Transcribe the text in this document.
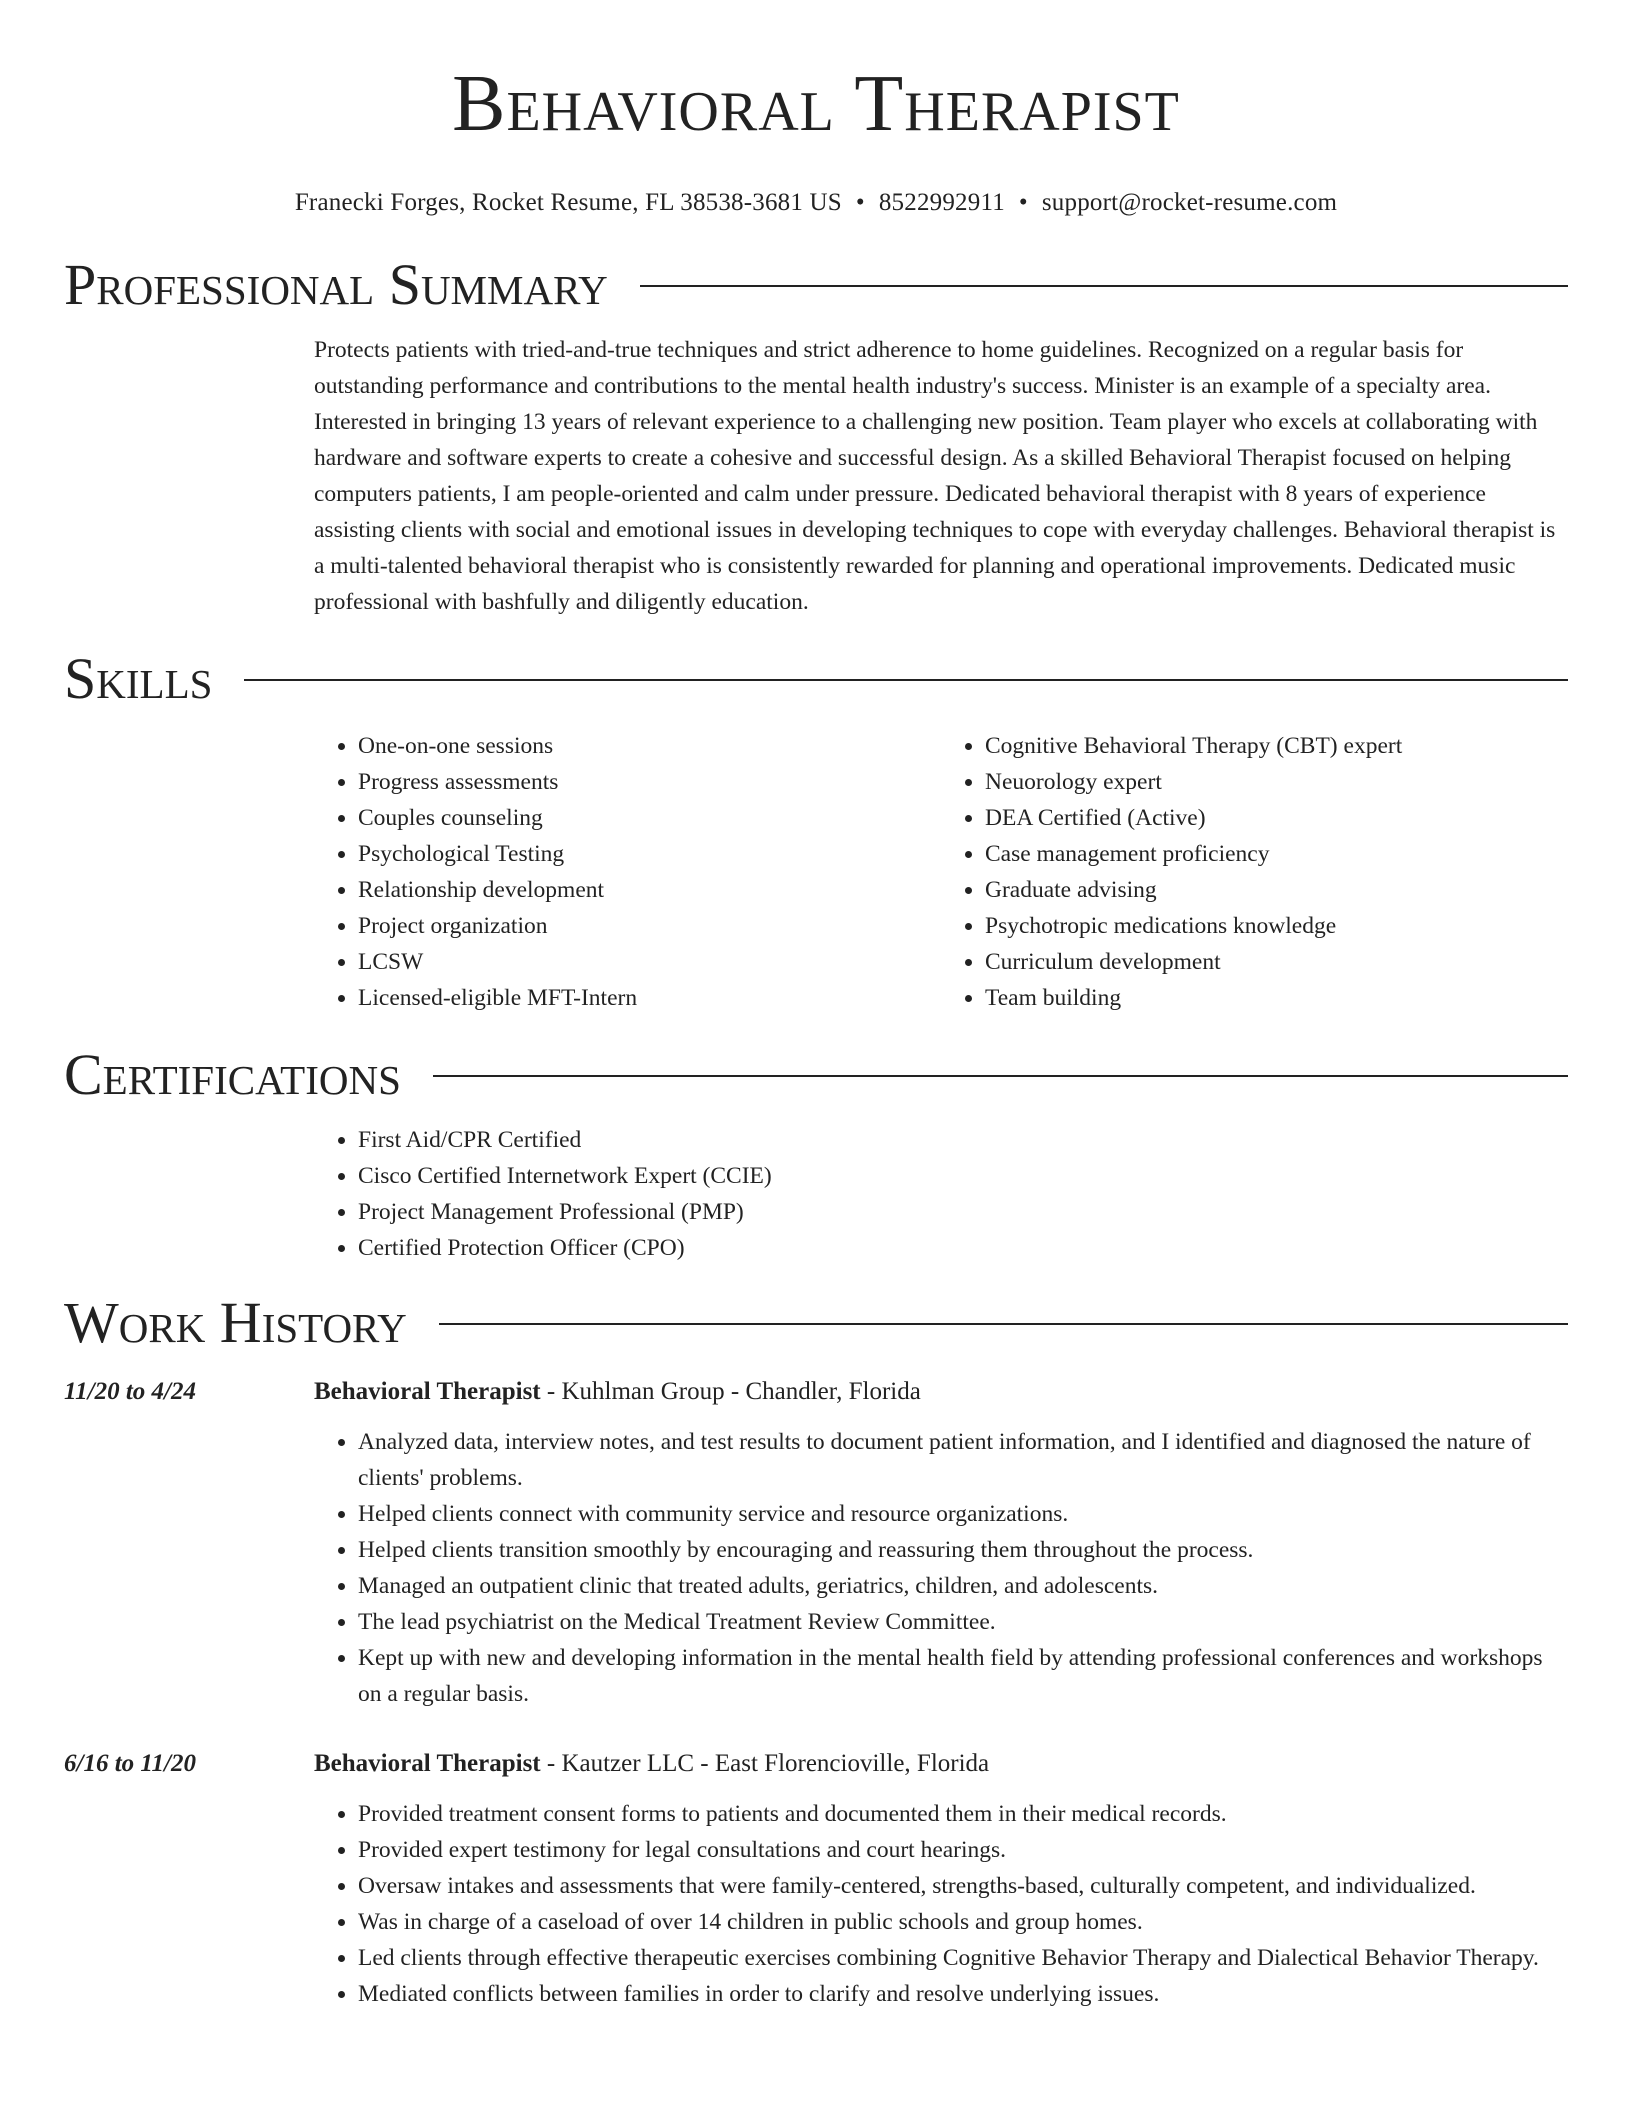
Behavioral Therapist
Franecki Forges, Rocket Resume, FL 38538-3681 US • 8522992911 • support@rocket-resume.com
Professional Summary

Protects patients with tried-and-true techniques and strict adherence to home guidelines. Recognized on a regular basis for outstanding performance and contributions to the mental health industry's success. Minister is an example of a specialty area. Interested in bringing 13 years of relevant experience to a challenging new position. Team player who excels at collaborating with hardware and software experts to create a cohesive and successful design. As a skilled Behavioral Therapist focused on helping computers patients, I am people-oriented and calm under pressure. Dedicated behavioral therapist with 8 years of experience assisting clients with social and emotional issues in developing techniques to cope with everyday challenges. Behavioral therapist is a multi-talented behavioral therapist who is consistently rewarded for planning and operational improvements. Dedicated music professional with bashfully and diligently education.

Skills
• One-on-one sessions
• Progress assessments
• Couples counseling
• Psychological Testing
• Relationship development
• Project organization
• LCSW
• Licensed-eligible MFT-Intern
• Cognitive Behavioral Therapy (CBT) expert
• Neuorology expert
• DEA Certified (Active)
• Case management proficiency
• Graduate advising
• Psychotropic medications knowledge
• Curriculum development
• Team building
Certifications
• First Aid/CPR Certified
• Cisco Certified Internetwork Expert (CCIE)
• Project Management Professional (PMP)
• Certified Protection Officer (CPO)
Work History
11/20 to 4/24	Behavioral Therapist - Kuhlman Group - Chandler, Florida
• Analyzed data, interview notes, and test results to document patient information, and I identified and diagnosed the nature of clients' problems.
• Helped clients connect with community service and resource organizations.
• Helped clients transition smoothly by encouraging and reassuring them throughout the process.
• Managed an outpatient clinic that treated adults, geriatrics, children, and adolescents.
• The lead psychiatrist on the Medical Treatment Review Committee.
• Kept up with new and developing information in the mental health field by attending professional conferences and workshops on a regular basis.
6/16 to 11/20	Behavioral Therapist - Kautzer LLC - East Florencioville, Florida
• Provided treatment consent forms to patients and documented them in their medical records.
• Provided expert testimony for legal consultations and court hearings.
• Oversaw intakes and assessments that were family-centered, strengths-based, culturally competent, and individualized.
• Was in charge of a caseload of over 14 children in public schools and group homes.
• Led clients through effective therapeutic exercises combining Cognitive Behavior Therapy and Dialectical Behavior Therapy.
• Mediated conflicts between families in order to clarify and resolve underlying issues.
